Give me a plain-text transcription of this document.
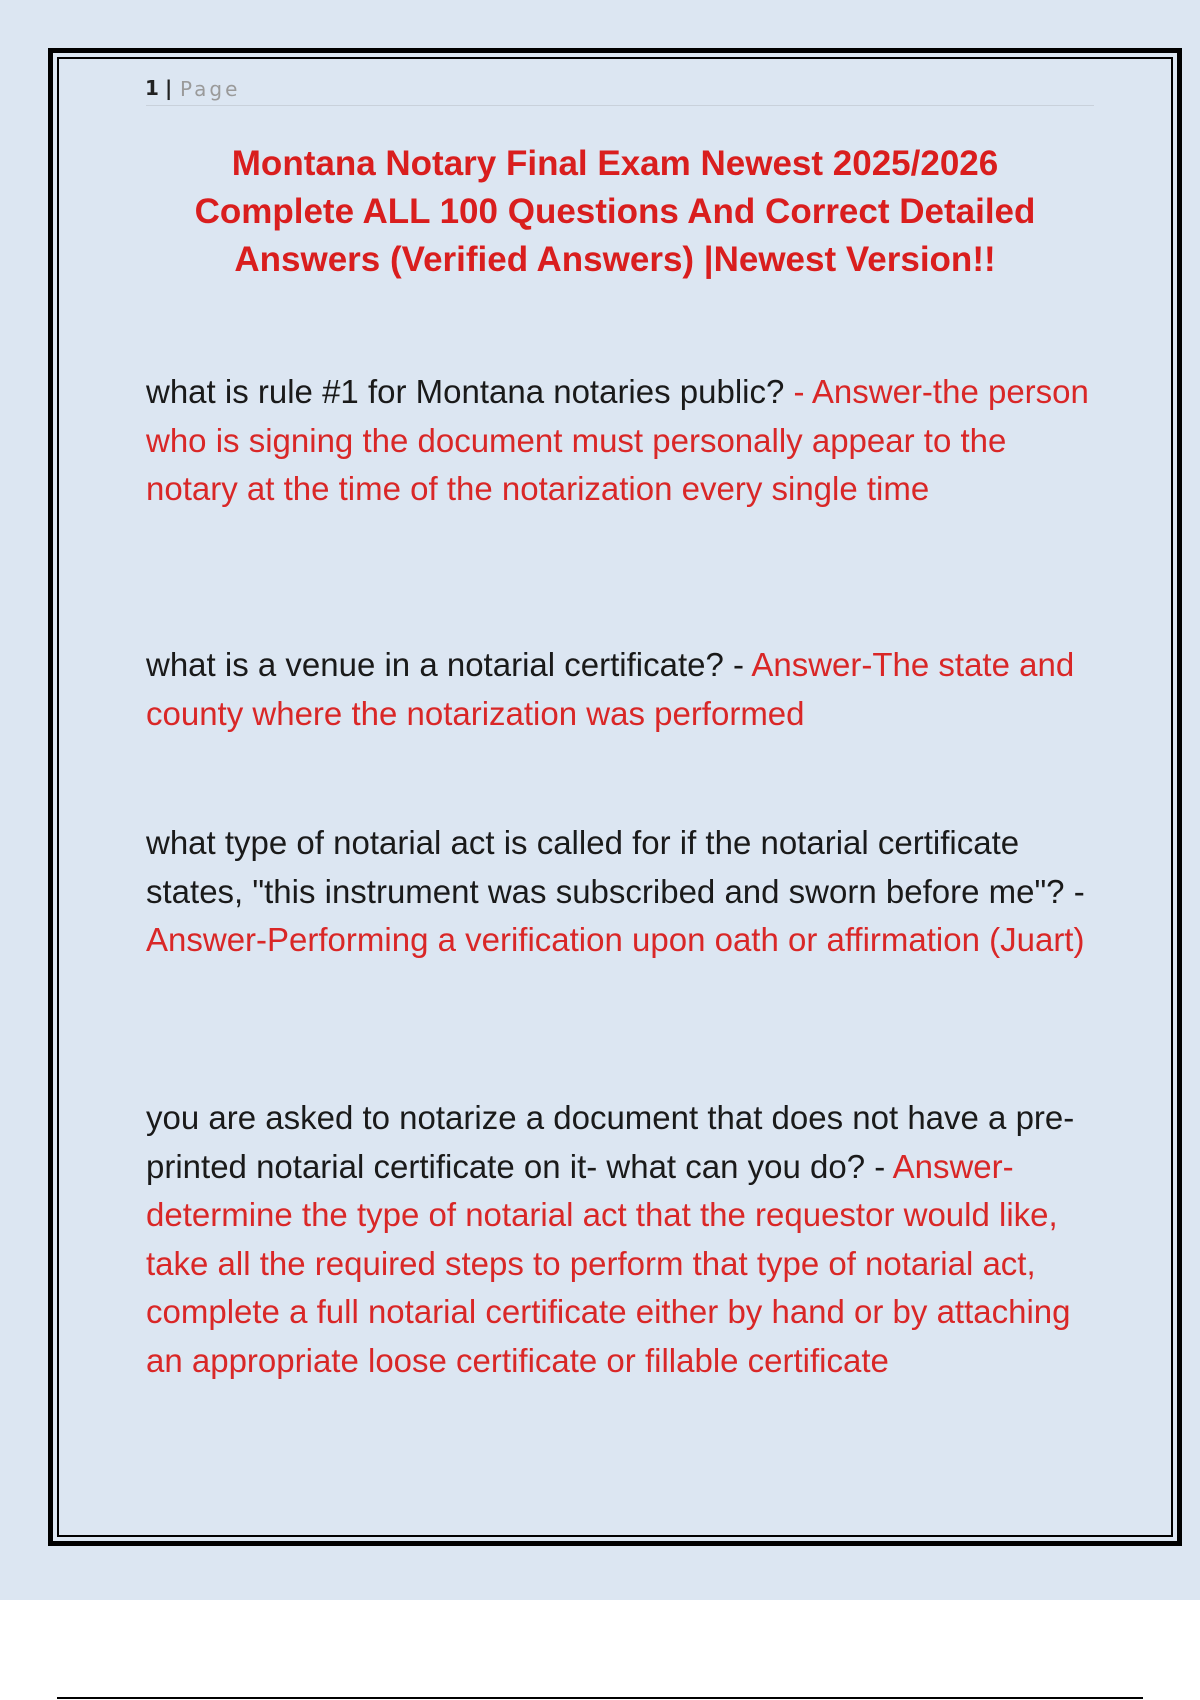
1 | Page
Montana Notary Final Exam Newest 2025/2026 Complete ALL 100 Questions And Correct Detailed Answers (Verified Answers) |Newest Version!!
what is rule #1 for Montana notaries public? - Answer-the person who is signing the document must personally appear to the notary at the time of the notarization every single time
what is a venue in a notarial certificate? - Answer-The state and county where the notarization was performed
what type of notarial act is called for if the notarial certificate states, "this instrument was subscribed and sworn before me"? - Answer-Performing a verification upon oath or affirmation (Juart)
you are asked to notarize a document that does not have a pre-printed notarial certificate on it- what can you do? - Answer-determine the type of notarial act that the requestor would like, take all the required steps to perform that type of notarial act, complete a full notarial certificate either by hand or by attaching an appropriate loose certificate or fillable certificate
